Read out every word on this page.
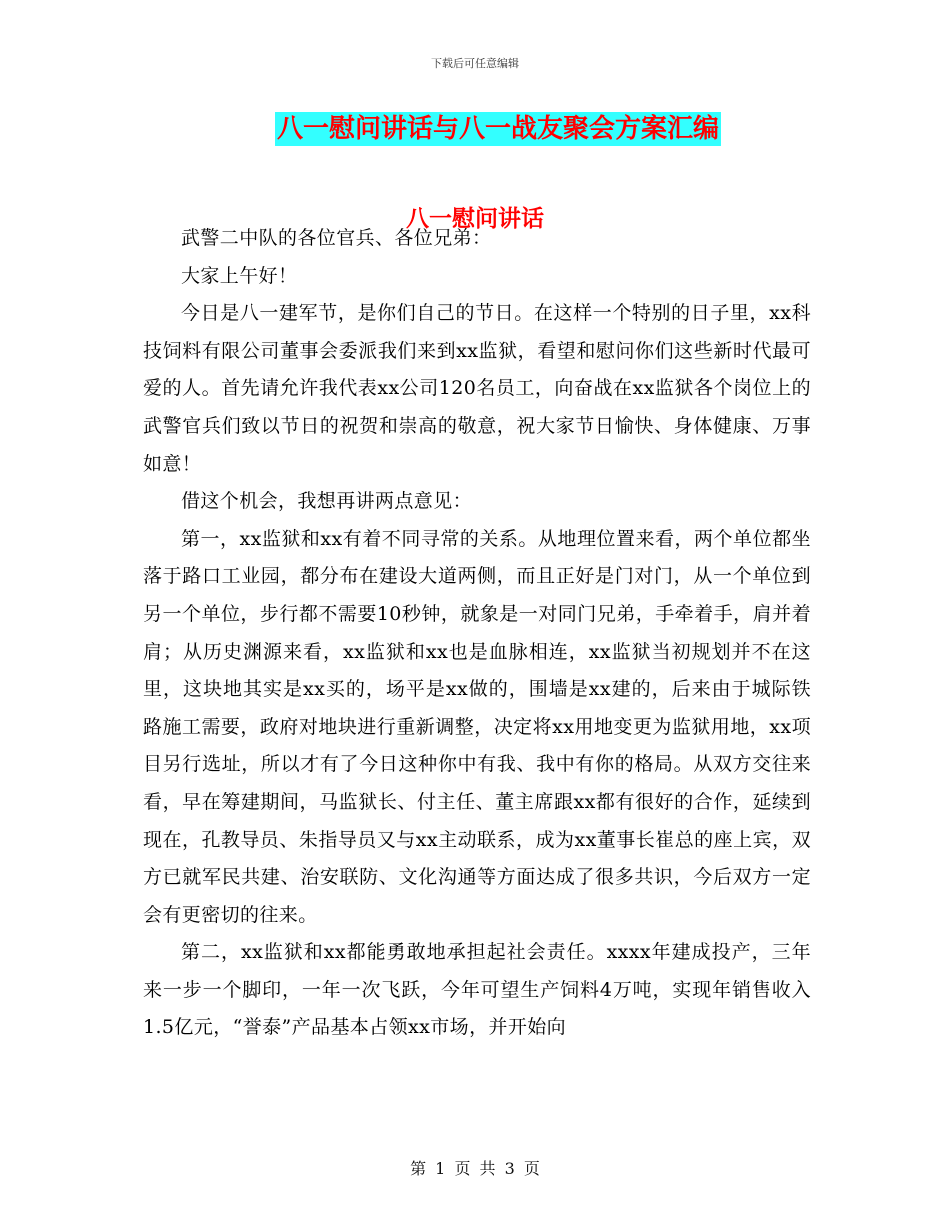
下载后可任意编辑
八一慰问讲话与八一战友聚会方案汇编
八一慰问讲话

武警二中队的各位官兵、各位兄弟：

大家上午好！

今日是八一建军节，是你们自己的节日。在这样一个特别的日子里，xx科技饲料有限公司董事会委派我们来到xx监狱，看望和慰问你们这些新时代最可爱的人。首先请允许我代表xx公司120名员工，向奋战在xx监狱各个岗位上的武警官兵们致以节日的祝贺和崇高的敬意，祝大家节日愉快、身体健康、万事如意！

借这个机会，我想再讲两点意见：

第一，xx监狱和xx有着不同寻常的关系。从地理位置来看，两个单位都坐落于路口工业园，都分布在建设大道两侧，而且正好是门对门，从一个单位到另一个单位，步行都不需要10秒钟，就象是一对同门兄弟，手牵着手，肩并着肩；从历史渊源来看，xx监狱和xx也是血脉相连，xx监狱当初规划并不在这里，这块地其实是xx买的，场平是xx做的，围墙是xx建的，后来由于城际铁路施工需要，政府对地块进行重新调整，决定将xx用地变更为监狱用地，xx项目另行选址，所以才有了今日这种你中有我、我中有你的格局。从双方交往来看，早在筹建期间，马监狱长、付主任、董主席跟xx都有很好的合作，延续到现在，孔教导员、朱指导员又与xx主动联系，成为xx董事长崔总的座上宾，双方已就军民共建、治安联防、文化沟通等方面达成了很多共识，今后双方一定会有更密切的往来。

第二，xx监狱和xx都能勇敢地承担起社会责任。xxxx年建成投产，三年来一步一个脚印，一年一次飞跃，今年可望生产饲料4万吨，实现年销售收入1.5亿元，“誉泰”产品基本占领xx市场，并开始向

第 1 页 共 3 页
